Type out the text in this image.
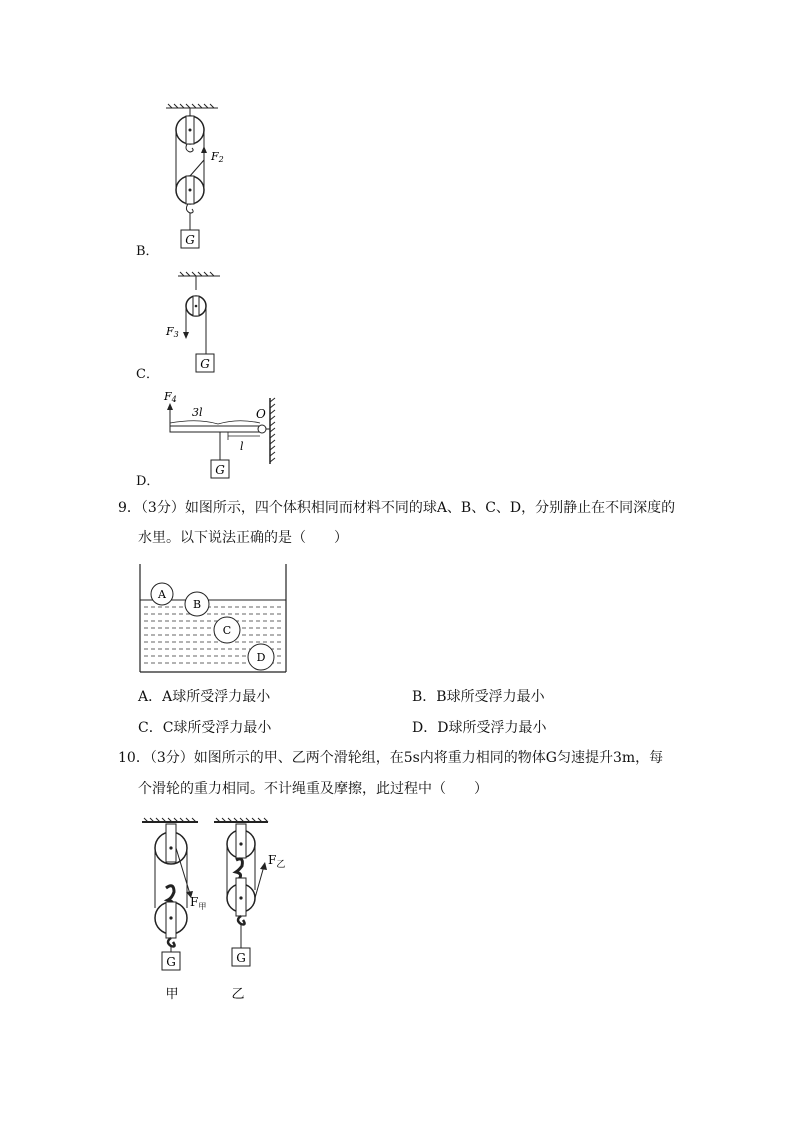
G
F2
B．
G
F3
C．
G
F4
3l
l
O
D．
9．（3分）如图所示，四个体积相同而材料不同的球A、B、C、D，分别静止在不同深度的
水里。以下说法正确的是（　　）
A
B
C
D
A．A球所受浮力最小	B．B球所受浮力最小
C．C球所受浮力最小	D．D球所受浮力最小
10．（3分）如图所示的甲、乙两个滑轮组，在5s内将重力相同的物体G匀速提升3m，每
个滑轮的重力相同。不计绳重及摩擦，此过程中（　　）
G
$F_甲$
G
$F_乙$
甲	乙
